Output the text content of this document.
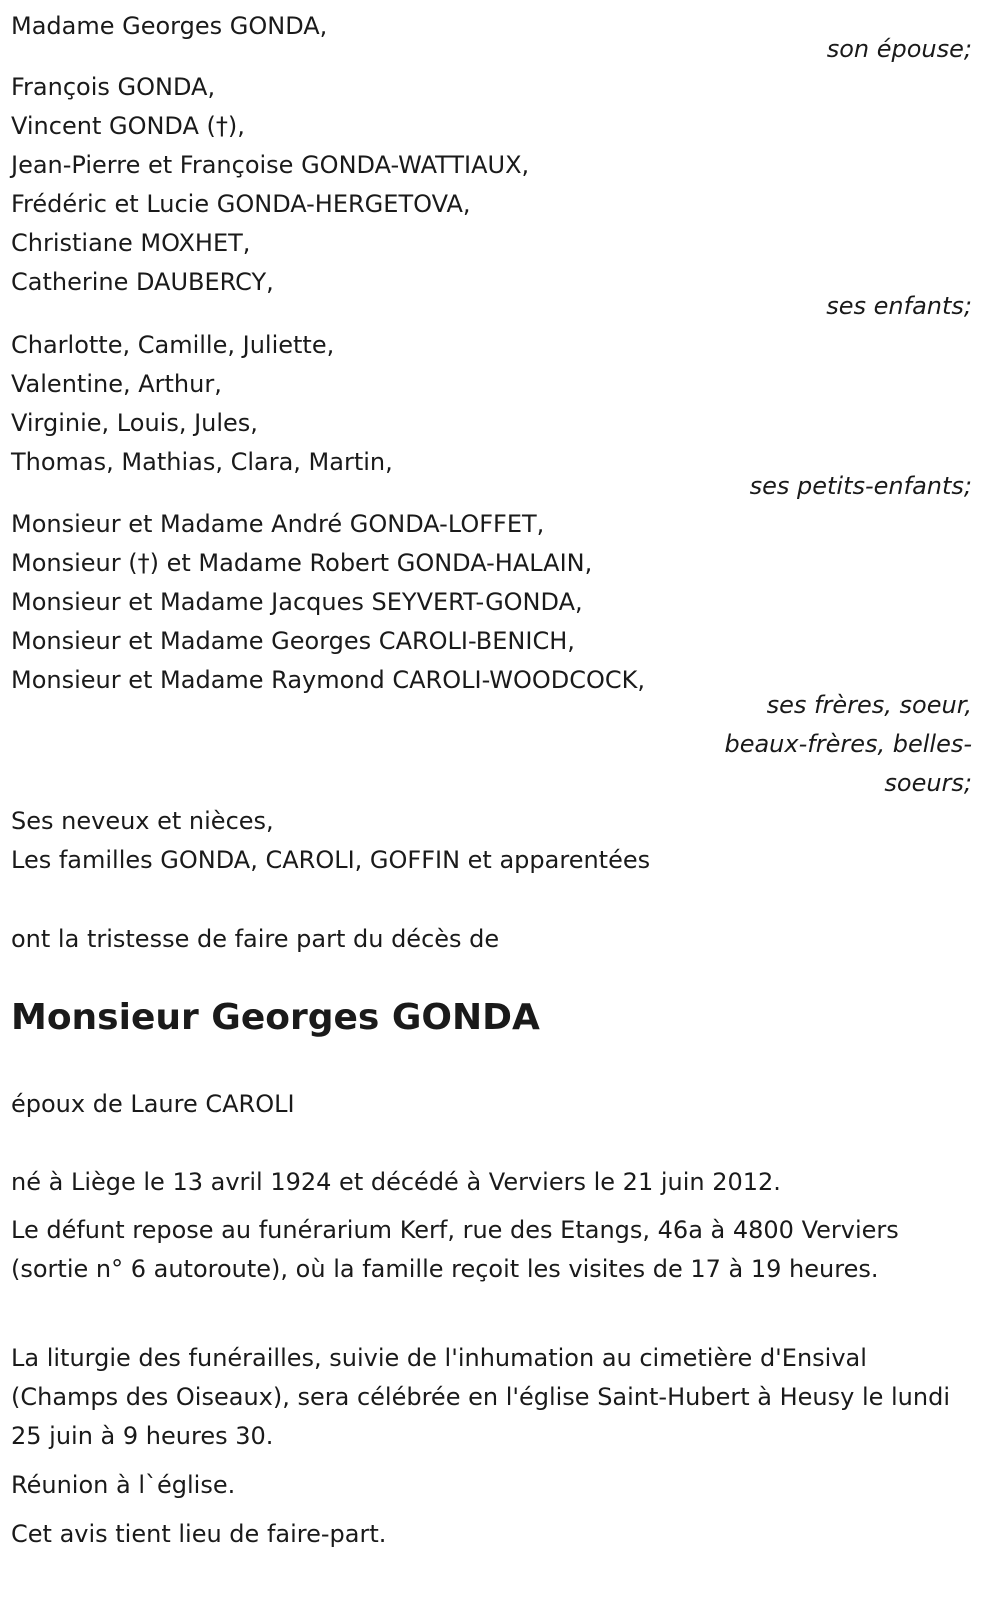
Madame Georges GONDA,
son épouse;
François GONDA,
Vincent GONDA (†),
Jean-Pierre et Françoise GONDA-WATTIAUX,
Frédéric et Lucie GONDA-HERGETOVA,
Christiane MOXHET,
Catherine DAUBERCY,
ses enfants;
Charlotte, Camille, Juliette,
Valentine, Arthur,
Virginie, Louis, Jules,
Thomas, Mathias, Clara, Martin,
ses petits-enfants;
Monsieur et Madame André GONDA-LOFFET,
Monsieur (†) et Madame Robert GONDA-HALAIN,
Monsieur et Madame Jacques SEYVERT-GONDA,
Monsieur et Madame Georges CAROLI-BENICH,
Monsieur et Madame Raymond CAROLI-WOODCOCK,
ses frères, soeur,
beaux-frères, belles-
soeurs;
Ses neveux et nièces,
Les familles GONDA, CAROLI, GOFFIN et apparentées
ont la tristesse de faire part du décès de
Monsieur Georges GONDA
époux de Laure CAROLI
né à Liège le 13 avril 1924 et décédé à Verviers le 21 juin 2012.
Le défunt repose au funérarium Kerf, rue des Etangs, 46a à 4800 Verviers (sortie n° 6 autoroute), où la famille reçoit les visites de 17 à 19 heures.
La liturgie des funérailles, suivie de l'inhumation au cimetière d'Ensival (Champs des Oiseaux), sera célébrée en l'église Saint-Hubert à Heusy le lundi 25 juin à 9 heures 30.
Réunion à l`église.
Cet avis tient lieu de faire-part.
